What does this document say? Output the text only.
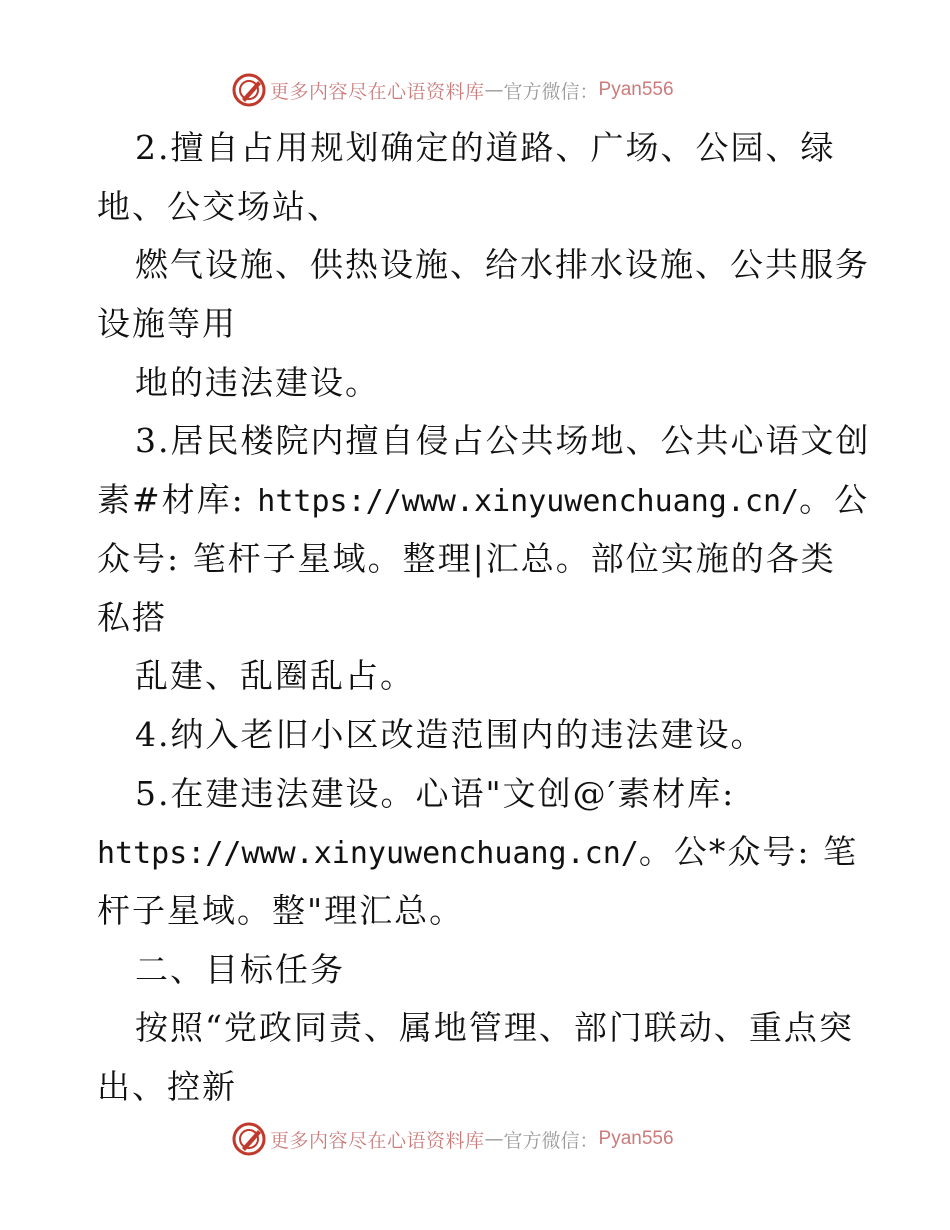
更多内容尽在心语资料库 — 官方微信： Pyan556
2.擅自占用规划确定的道路、广场、公园、绿
地、公交场站、
燃气设施、供热设施、给水排水设施、公共服务
设施等用
地的违法建设。
3.居民楼院内擅自侵占公共场地、公共心语文创
素#材库: https://www.xinyuwenchuang.cn/。公
众号: 笔杆子星域。整理|汇总。部位实施的各类
私搭
乱建、乱圈乱占。
4.纳入老旧小区改造范围内的违法建设。
5.在建违法建设。心语"文创@′素材库:
https://www.xinyuwenchuang.cn/。公*众号: 笔
杆子星域。整"理汇总。
二、目标任务
按照“党政同责、属地管理、部门联动、重点突
出、控新
更多内容尽在心语资料库 — 官方微信： Pyan556
